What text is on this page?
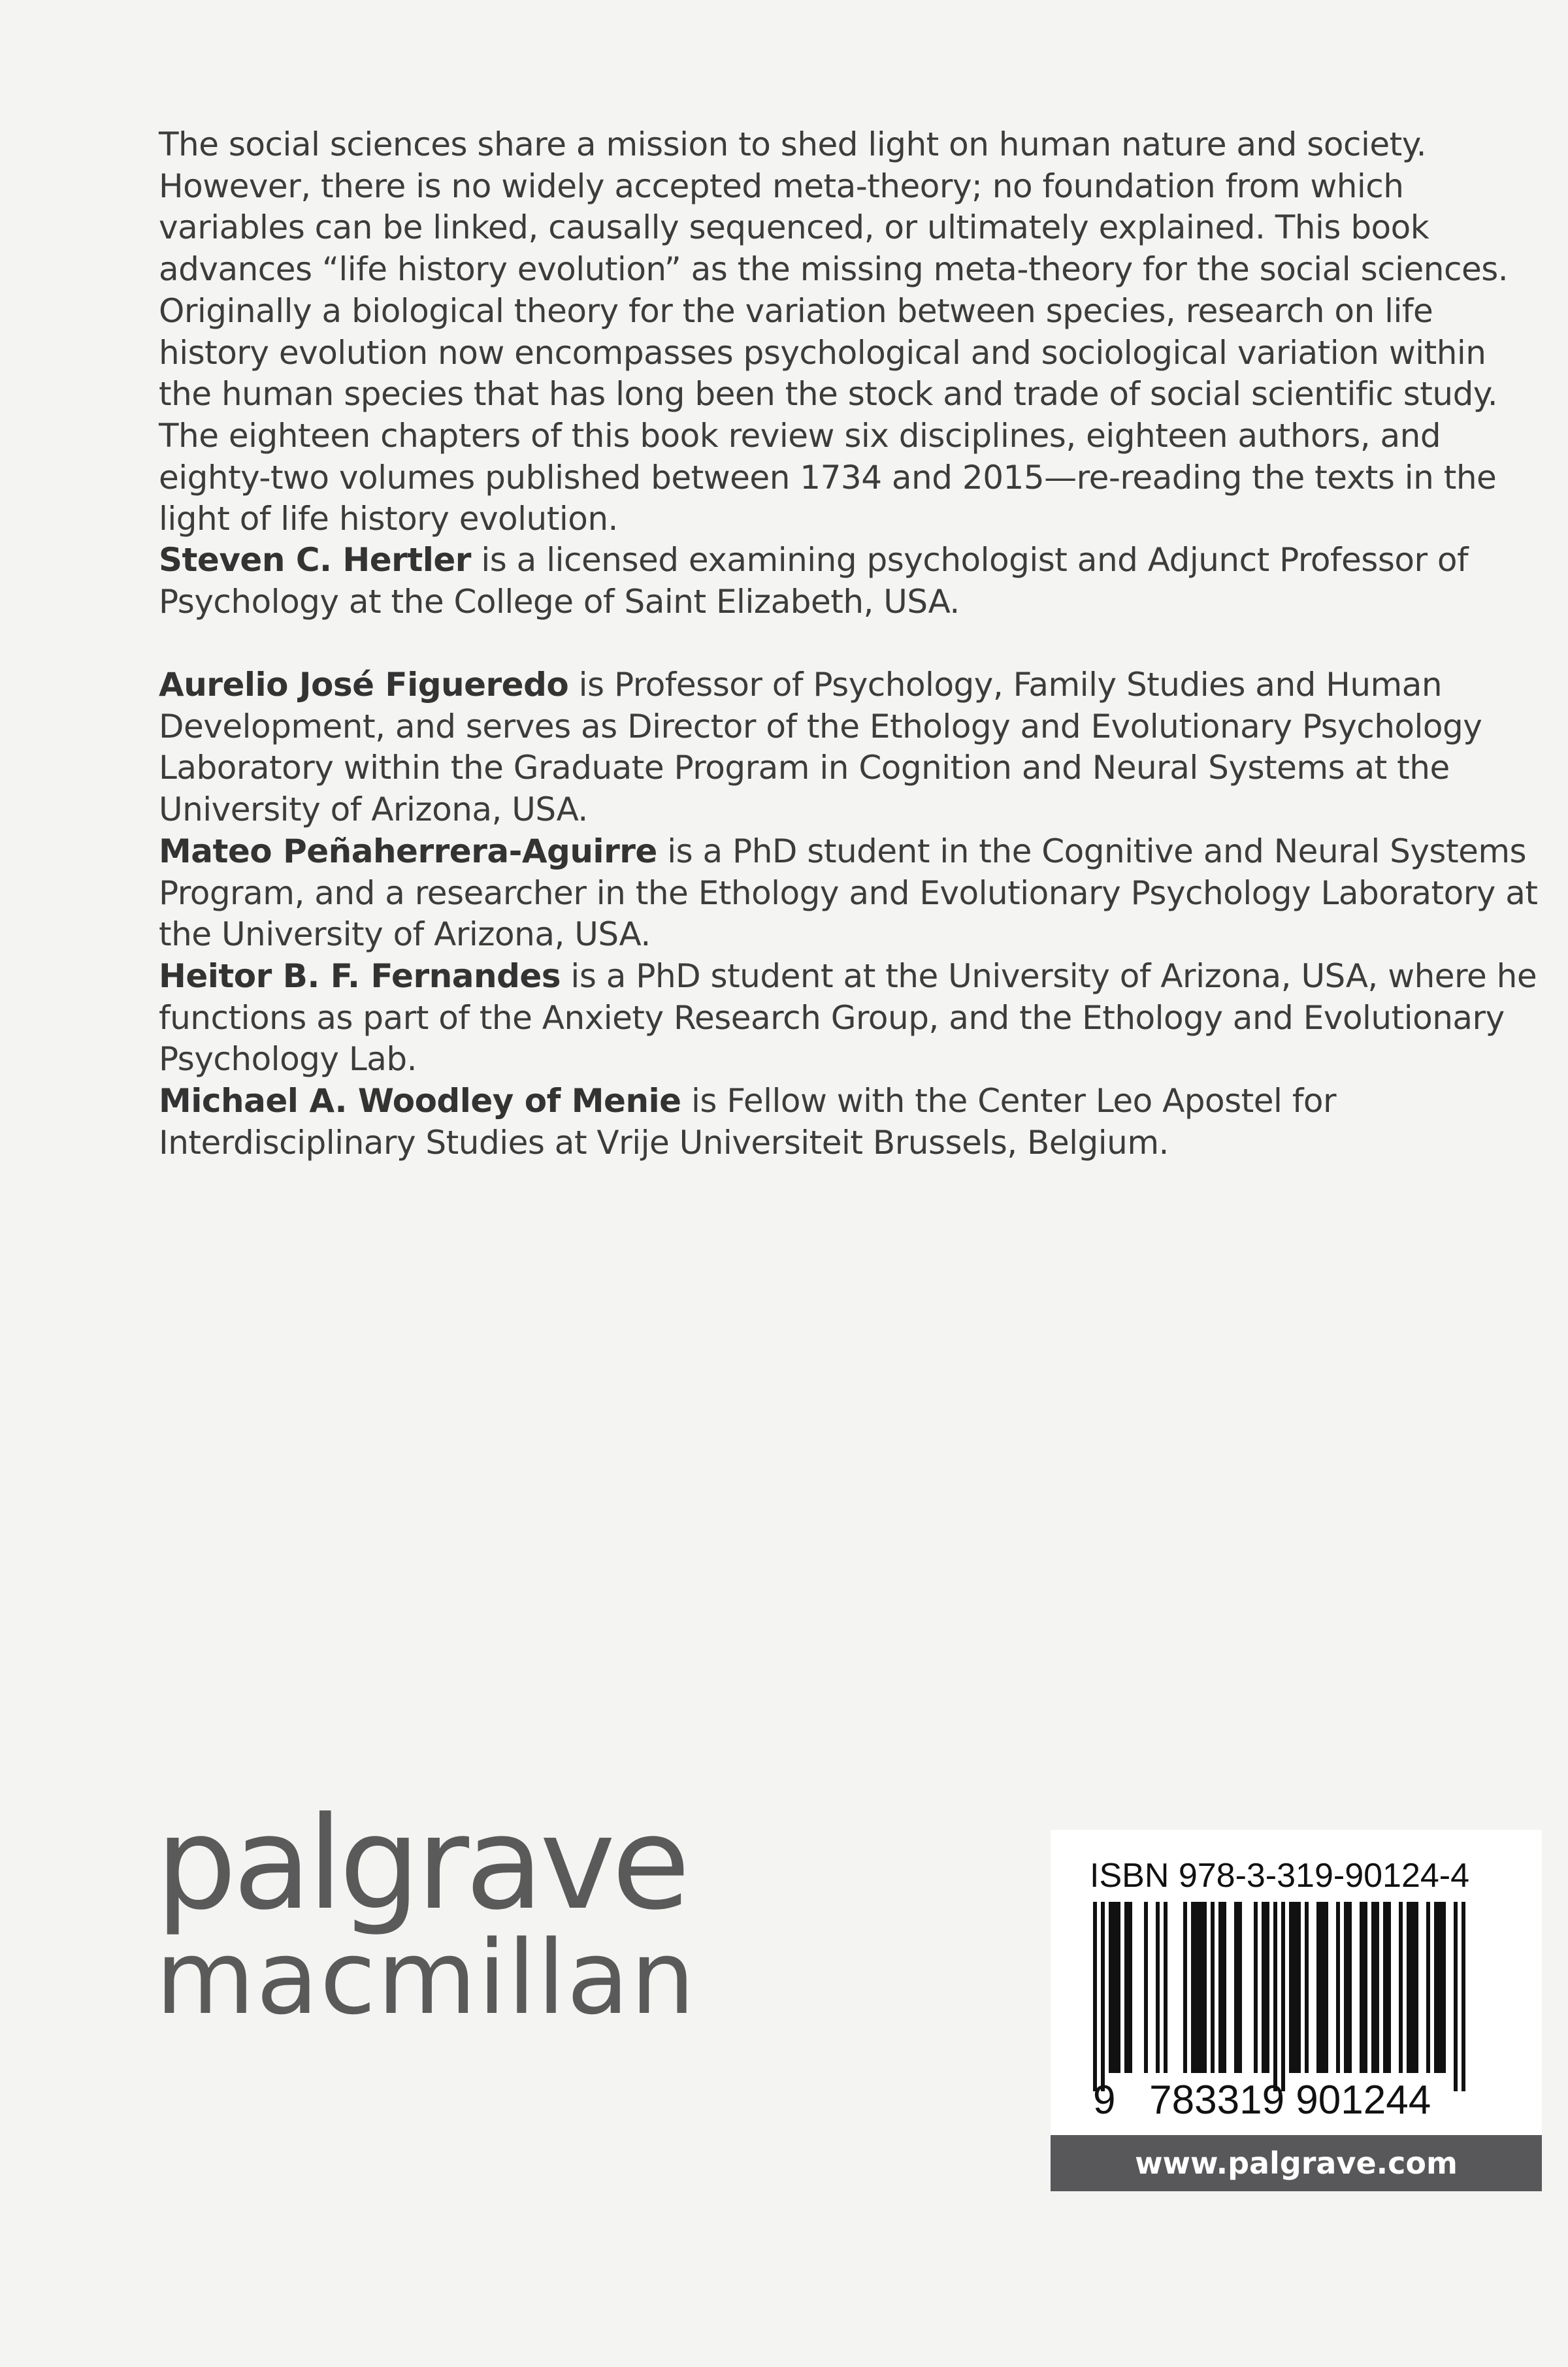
The social sciences share a mission to shed light on human nature and society. However, there is no widely accepted meta-theory; no foundation from which variables can be linked, causally sequenced, or ultimately explained. This book advances “life history evolution” as the missing meta-theory for the social sciences. Originally a biological theory for the variation between species, research on life history evolution now encompasses psychological and sociological variation within the human species that has long been the stock and trade of social scientific study. The eighteen chapters of this book review six disciplines, eighteen authors, and eighty-two volumes published between 1734 and 2015—re-reading the texts in the light of life history evolution.

Steven C. Hertler is a licensed examining psychologist and Adjunct Professor of Psychology at the College of Saint Elizabeth, USA.

Aurelio José Figueredo is Professor of Psychology, Family Studies and Human Development, and serves as Director of the Ethology and Evolutionary Psychology Laboratory within the Graduate Program in Cognition and Neural Systems at the University of Arizona, USA.

Mateo Peñaherrera-Aguirre is a PhD student in the Cognitive and Neural Systems Program, and a researcher in the Ethology and Evolutionary Psychology Laboratory at the University of Arizona, USA.

Heitor B. F. Fernandes is a PhD student at the University of Arizona, USA, where he functions as part of the Anxiety Research Group, and the Ethology and Evolutionary Psychology Lab.

Michael A. Woodley of Menie is Fellow with the Center Leo Apostel for Interdisciplinary Studies at Vrije Universiteit Brussels, Belgium.

palgrave
macmillan
ISBN 978-3-319-90124-4
9 783319 901244
www.palgrave.com
